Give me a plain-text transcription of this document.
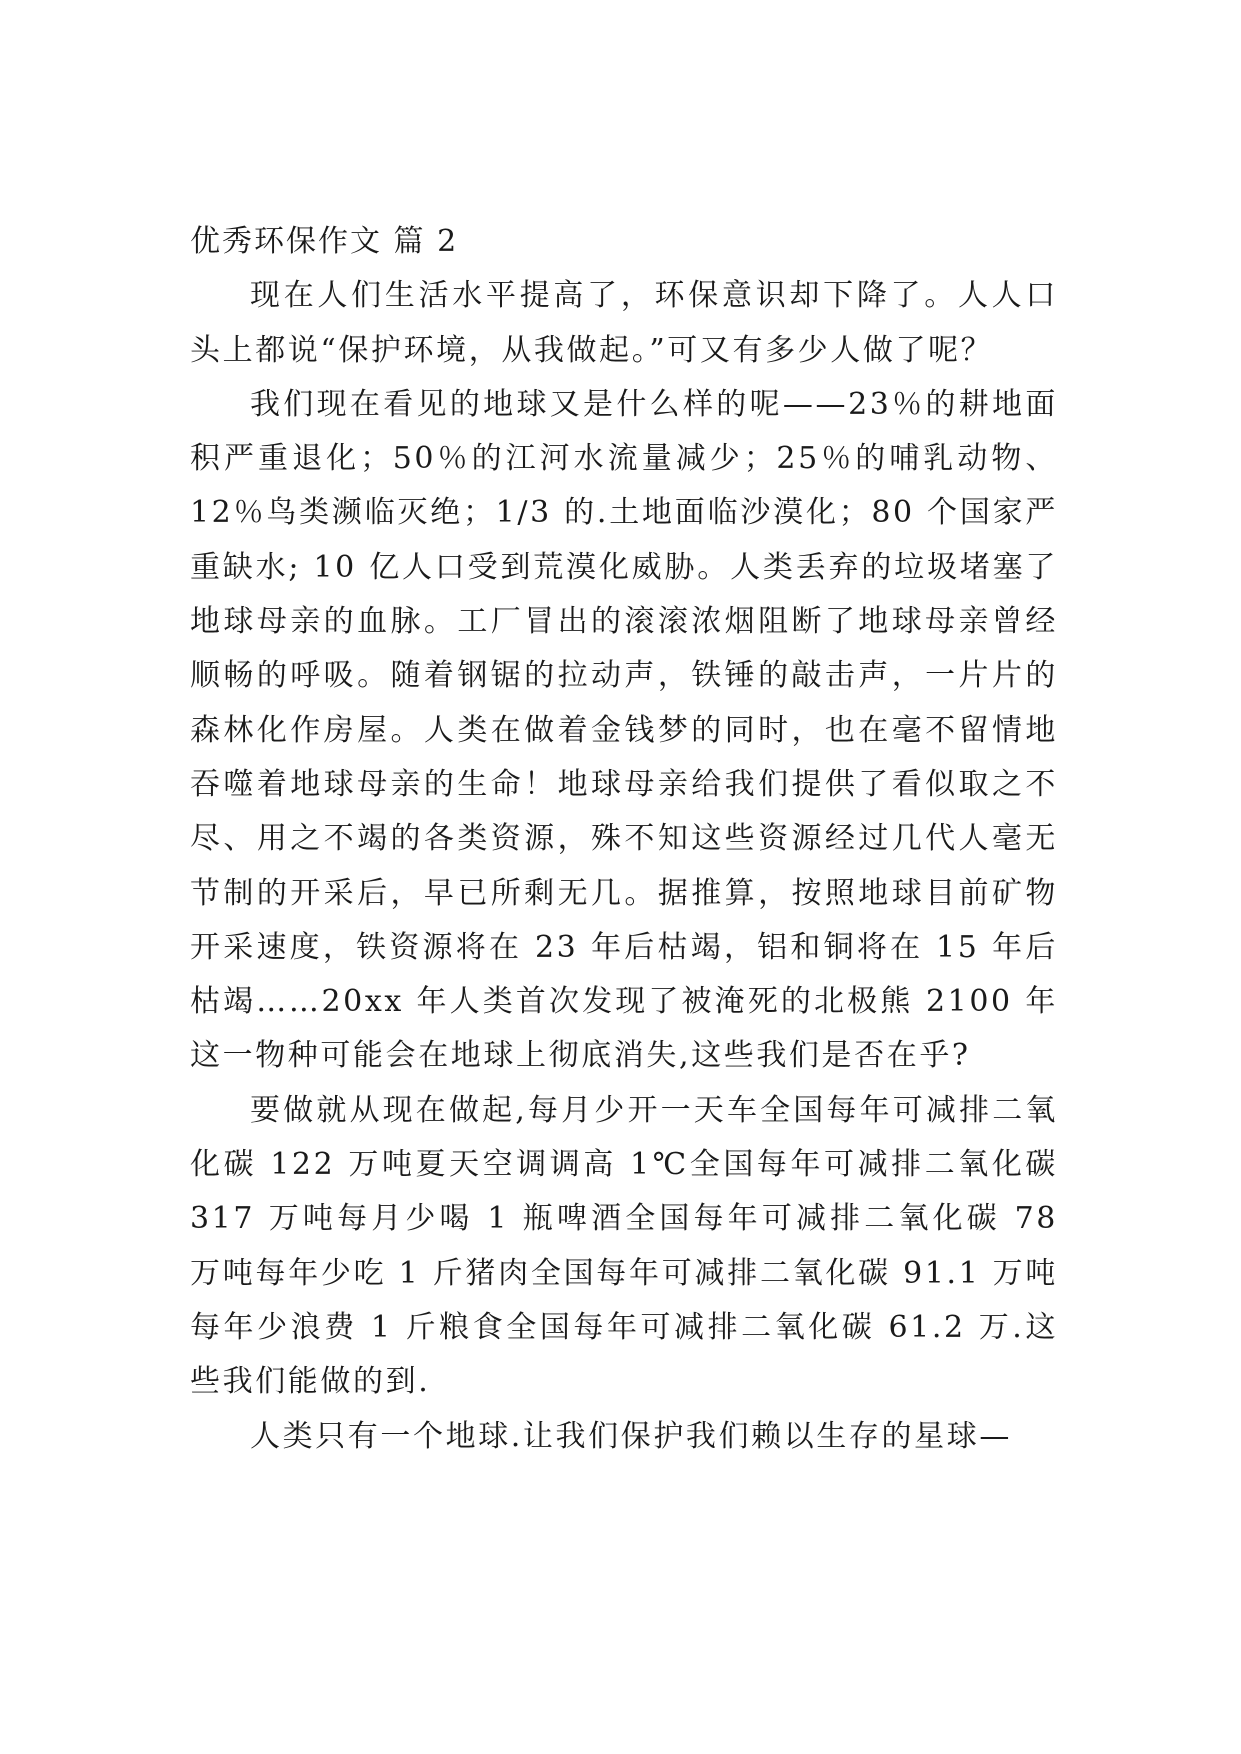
优秀环保作文 篇 2

现在人们生活水平提高了，环保意识却下降了。人人口头上都说“保护环境，从我做起。”可又有多少人做了呢？

我们现在看见的地球又是什么样的呢——23％的耕地面积严重退化；50％的江河水流量减少；25％的哺乳动物、12％鸟类濒临灭绝；1/3 的.土地面临沙漠化；80 个国家严重缺水; 10 亿人口受到荒漠化威胁。人类丢弃的垃圾堵塞了地球母亲的血脉。工厂冒出的滚滚浓烟阻断了地球母亲曾经顺畅的呼吸。随着钢锯的拉动声，铁锤的敲击声，一片片的森林化作房屋。人类在做着金钱梦的同时，也在毫不留情地吞噬着地球母亲的生命！地球母亲给我们提供了看似取之不尽、用之不竭的各类资源，殊不知这些资源经过几代人毫无节制的开采后，早已所剩无几。据推算，按照地球目前矿物开采速度，铁资源将在 23 年后枯竭，铝和铜将在 15 年后枯竭……20xx 年人类首次发现了被淹死的北极熊 2100 年这一物种可能会在地球上彻底消失,这些我们是否在乎?

要做就从现在做起,每月少开一天车全国每年可减排二氧化碳 122 万吨夏天空调调高 1℃全国每年可减排二氧化碳 317 万吨每月少喝 1 瓶啤酒全国每年可减排二氧化碳 78 万吨每年少吃 1 斤猪肉全国每年可减排二氧化碳 91.1 万吨每年少浪费 1 斤粮食全国每年可减排二氧化碳 61.2 万.这些我们能做的到.

人类只有一个地球.让我们保护我们赖以生存的星球—
